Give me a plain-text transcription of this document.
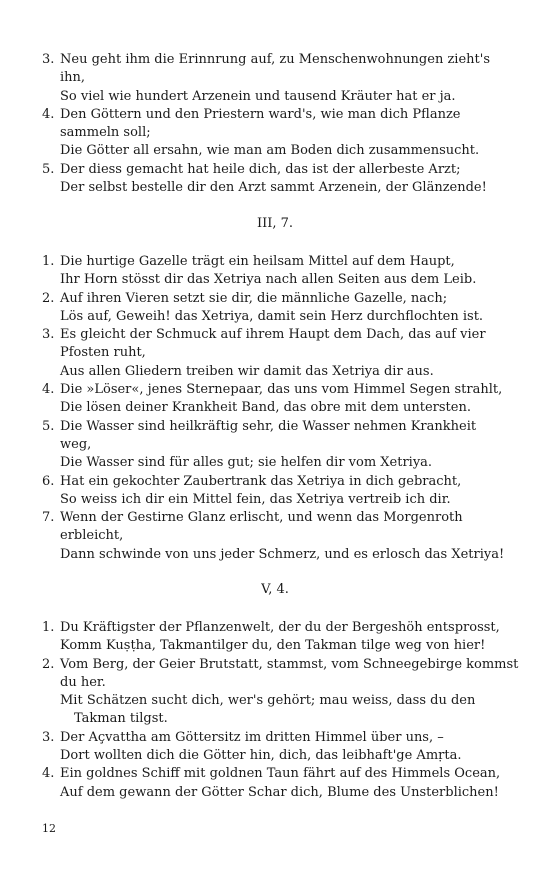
3. Neu geht ihm die Erinnrung auf, zu Menschenwohnungen zieht's
ihn,
So viel wie hundert Arzenein und tausend Kräuter hat er ja.
4. Den Göttern und den Priestern ward's, wie man dich Pflanze
sammeln soll;
Die Götter all ersahn, wie man am Boden dich zusammensucht.
5. Der diess gemacht hat heile dich, das ist der allerbeste Arzt;
Der selbst bestelle dir den Arzt sammt Arzenein, der Glänzende!
III, 7.
1. Die hurtige Gazelle trägt ein heilsam Mittel auf dem Haupt,
Ihr Horn stösst dir das Xetriya nach allen Seiten aus dem Leib.
2. Auf ihren Vieren setzt sie dir, die männliche Gazelle, nach;
Lös auf, Geweih! das Xetriya, damit sein Herz durchflochten ist.
3. Es gleicht der Schmuck auf ihrem Haupt dem Dach, das auf vier
Pfosten ruht,
Aus allen Gliedern treiben wir damit das Xetriya dir aus.
4. Die »Löser«, jenes Sternepaar, das uns vom Himmel Segen strahlt,
Die lösen deiner Krankheit Band, das obre mit dem untersten.
5. Die Wasser sind heilkräftig sehr, die Wasser nehmen Krankheit
weg,
Die Wasser sind für alles gut; sie helfen dir vom Xetriya.
6. Hat ein gekochter Zaubertrank das Xetriya in dich gebracht,
So weiss ich dir ein Mittel fein, das Xetriya vertreib ich dir.
7. Wenn der Gestirne Glanz erlischt, und wenn das Morgenroth
erbleicht,
Dann schwinde von uns jeder Schmerz, und es erlosch das Xetriya!
V, 4.
1. Du Kräftigster der Pflanzenwelt, der du der Bergeshöh entsprosst,
Komm Kuṣṭha, Takmantilger du, den Takman tilge weg von hier!
2. Vom Berg, der Geier Brutstatt, stammst, vom Schneegebirge kommst
du her.
Mit Schätzen sucht dich, wer's gehört; mau weiss, dass du den
Takman tilgst.
3. Der Açvattha am Göttersitz im dritten Himmel über uns, –
Dort wollten dich die Götter hin, dich, das leibhaft'ge Amṛta.
4. Ein goldnes Schiff mit goldnen Taun fährt auf des Himmels Ocean,
Auf dem gewann der Götter Schar dich, Blume des Unsterblichen!
12
